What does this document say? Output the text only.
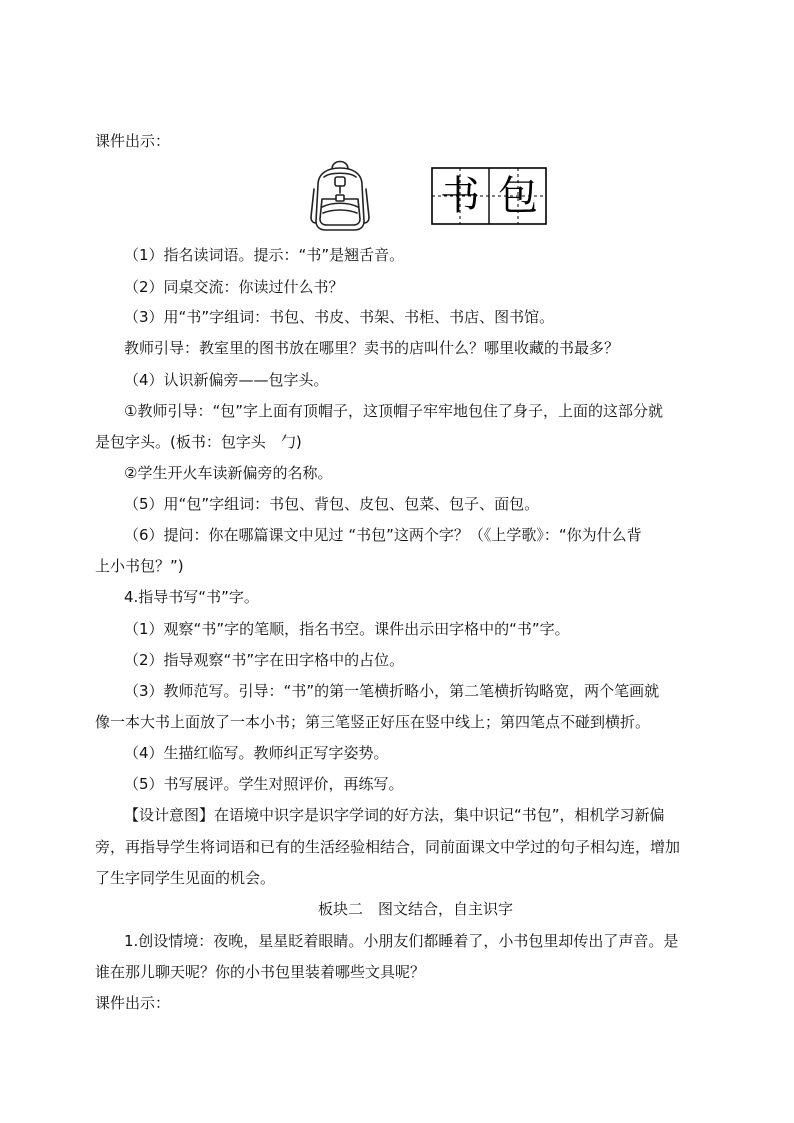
课件出示：
书 包
（1）指名读词语。提示：“书”是翘舌音。
（2）同桌交流：你读过什么书？
（3）用“书”字组词：书包、书皮、书架、书柜、书店、图书馆。
教师引导：教室里的图书放在哪里？卖书的店叫什么？哪里收藏的书最多？
（4）认识新偏旁——包字头。
①教师引导：“包”字上面有顶帽子，这顶帽子牢牢地包住了身子，上面的这部分就
是包字头。(板书：包字头　勹)
②学生开火车读新偏旁的名称。
（5）用“包”字组词：书包、背包、皮包、包菜、包子、面包。
（6）提问：你在哪篇课文中见过 “书包”这两个字？（《上学歌》：“你为什么背
上小书包？”)
4.指导书写“书”字。
（1）观察“书”字的笔顺，指名书空。课件出示田字格中的“书”字。
（2）指导观察“书”字在田字格中的占位。
（3）教师范写。引导：“书”的第一笔横折略小，第二笔横折钩略宽，两个笔画就
像一本大书上面放了一本小书；第三笔竖正好压在竖中线上；第四笔点不碰到横折。
（4）生描红临写。教师纠正写字姿势。
（5）书写展评。学生对照评价，再练写。
【设计意图】在语境中识字是识字学词的好方法，集中识记“书包”，相机学习新偏
旁，再指导学生将词语和已有的生活经验相结合，同前面课文中学过的句子相勾连，增加
了生字同学生见面的机会。
板块二　图文结合，自主识字
1.创设情境：夜晚，星星眨着眼睛。小朋友们都睡着了，小书包里却传出了声音。是
谁在那儿聊天呢？你的小书包里装着哪些文具呢？
课件出示：
